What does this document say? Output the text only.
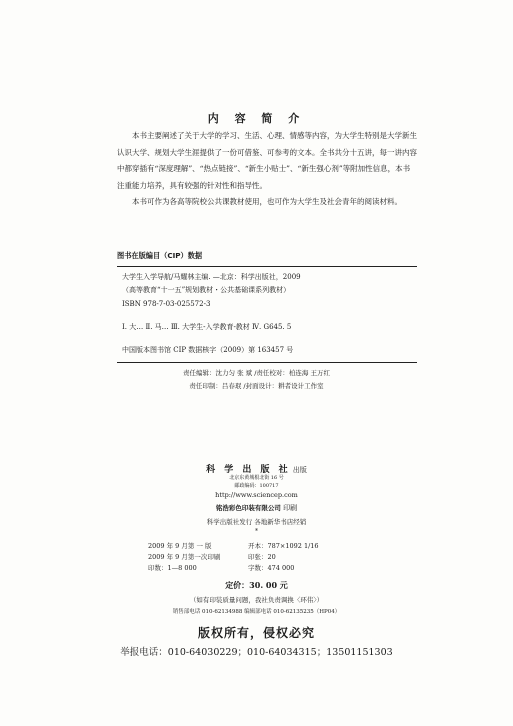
内 容 简 介

本书主要阐述了关于大学的学习、生活、心理、情感等内容，为大学生特别是大学新生认识大学、规划大学生涯提供了一份可借鉴、可参考的文本。全书共分十五讲，每一讲内容中都穿插有“深度理解”、“热点链接”、“新生小贴士”、“新生强心剂”等附加性信息，本书注重能力培养，具有较强的针对性和指导性。

本书可作为各高等院校公共课教材使用，也可作为大学生及社会青年的阅读材料。

图书在版编目（CIP）数据
大学生入学导航/马耀林主编. —北京：科学出版社，2009
（高等教育“十一五”规划教材・公共基础课系列教材）
ISBN 978-7-03-025572-3
Ⅰ. 大… Ⅱ. 马… Ⅲ. 大学生-入学教育-教材 Ⅳ. G645. 5
中国版本图书馆 CIP 数据核字（2009）第 163457 号
责任编辑：沈力匀 张 斌 /责任校对：柏连海 王万红
责任印制：吕春珉 /封面设计：耕者设计工作室
科 学 出 版 社 出版
北京东黄城根北街 16 号
邮政编码：100717
http://www.sciencep.com
铭浩彩色印装有限公司 印刷
科学出版社发行 各地新华书店经销
*
2009 年 9 月第 一 版	开本：787×1092 1/16
2009 年 9 月第一次印刷	印张：20
印数：1—8 000	字数：474 000
定价：30. 00 元
（如有印装质量问题，我社负责调换〈环伟〉）
销售部电话 010-62134988 编辑部电话 010-62135235（HP04）
版权所有，侵权必究
举报电话：010-64030229；010-64034315；13501151303
